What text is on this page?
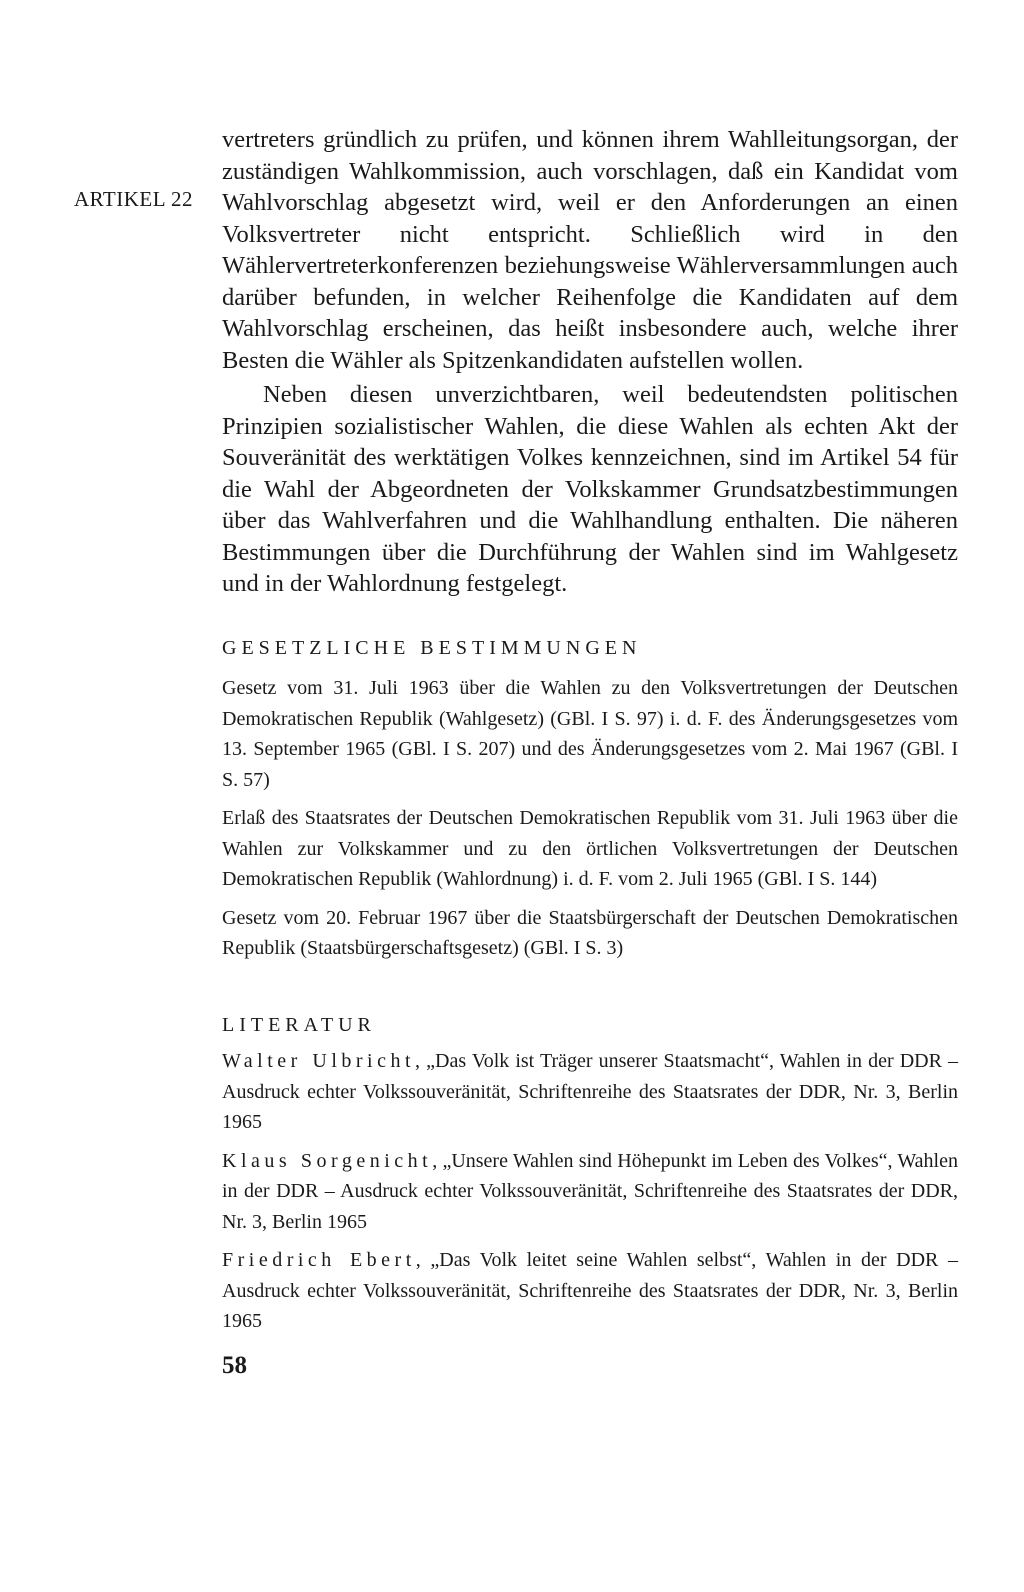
ARTIKEL 22

vertreters gründlich zu prüfen, und können ihrem Wahlleitungsorgan, der zuständigen Wahlkommission, auch vorschlagen, daß ein Kandidat vom Wahlvorschlag abgesetzt wird, weil er den Anforderungen an einen Volksvertreter nicht entspricht. Schließlich wird in den Wählervertreterkonferenzen beziehungsweise Wählerversammlungen auch darüber befunden, in welcher Reihenfolge die Kandidaten auf dem Wahlvorschlag erscheinen, das heißt insbesondere auch, welche ihrer Besten die Wähler als Spitzenkandidaten aufstellen wollen.

Neben diesen unverzichtbaren, weil bedeutendsten politischen Prinzipien sozialistischer Wahlen, die diese Wahlen als echten Akt der Souveränität des werktätigen Volkes kennzeichnen, sind im Artikel 54 für die Wahl der Abgeordneten der Volkskammer Grundsatzbestimmungen über das Wahlverfahren und die Wahlhandlung enthalten. Die näheren Bestimmungen über die Durchführung der Wahlen sind im Wahlgesetz und in der Wahlordnung festgelegt.

GESETZLICHE BESTIMMUNGEN

Gesetz vom 31. Juli 1963 über die Wahlen zu den Volksvertretungen der Deutschen Demokratischen Republik (Wahlgesetz) (GBl. I S. 97) i. d. F. des Änderungsgesetzes vom 13. September 1965 (GBl. I S. 207) und des Änderungsgesetzes vom 2. Mai 1967 (GBl. I S. 57)

Erlaß des Staatsrates der Deutschen Demokratischen Republik vom 31. Juli 1963 über die Wahlen zur Volkskammer und zu den örtlichen Volksvertretungen der Deutschen Demokratischen Republik (Wahlordnung) i. d. F. vom 2. Juli 1965 (GBl. I S. 144)

Gesetz vom 20. Februar 1967 über die Staatsbürgerschaft der Deutschen Demokratischen Republik (Staatsbürgerschaftsgesetz) (GBl. I S. 3)

LITERATUR

Walter Ulbricht, „Das Volk ist Träger unserer Staatsmacht“, Wahlen in der DDR – Ausdruck echter Volkssouveränität, Schriftenreihe des Staatsrates der DDR, Nr. 3, Berlin 1965

Klaus Sorgenicht, „Unsere Wahlen sind Höhepunkt im Leben des Volkes“, Wahlen in der DDR – Ausdruck echter Volkssouveränität, Schriftenreihe des Staatsrates der DDR, Nr. 3, Berlin 1965

Friedrich Ebert, „Das Volk leitet seine Wahlen selbst“, Wahlen in der DDR – Ausdruck echter Volkssouveränität, Schriftenreihe des Staatsrates der DDR, Nr. 3, Berlin 1965

58
